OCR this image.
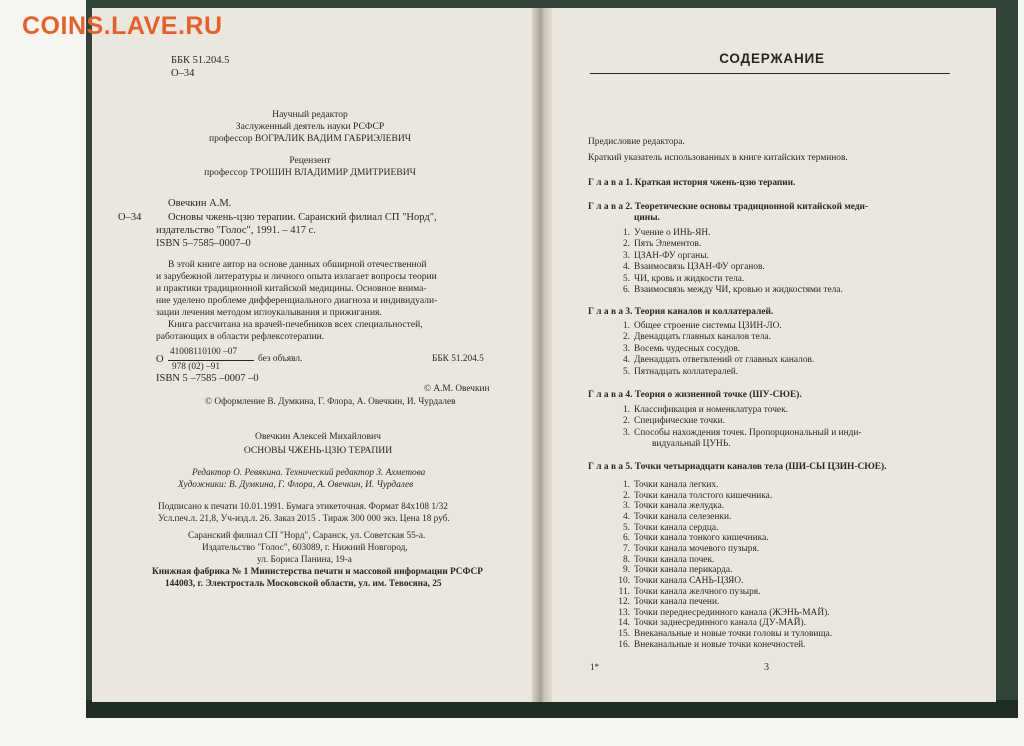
COINS.LAVE.RU

ББК 51.204.5
О–34
Научный редактор
Заслуженный деятель науки РСФСР
профессор ВОГРАЛИК ВАДИМ ГАБРИЭЛЕВИЧ
Рецензент
профессор ТРОШИН ВЛАДИМИР ДМИТРИЕВИЧ
Овечкин А.М.
О–34	Основы чжень-цзю терапии. Саранский филиал СП "Норд",
издательство "Голос", 1991. – 417 с.
ISBN 5–7585–0007–0
В этой книге автор на основе данных обширной отечественной
и зарубежной литературы и личного опыта излагает вопросы теории
и практики традиционной китайской медицины. Основное внима-
ние уделено проблеме дифференциального диагноза и индивидуали-
зации лечения методом иглоукалывания и прижигания.
Книга рассчитана на врачей-печебников всех специальностей,
работающих в области рефлексотерапии.
О
41008110100 –07
978 (02) –91
без объявл.	ББК 51.204.5
ISBN 5 –7585 –0007 –0
© А.М. Овечкин
© Оформление В. Думкина, Г. Флора, А. Овечкин, И. Чурдалев
Овечкин Алексей Михайлович
ОСНОВЫ ЧЖЕНЬ-ЦЗЮ ТЕРАПИИ
Редактор О. Ревякина. Технический редактор З. Ахметова
Художники: В. Думкина, Г. Флора, А. Овечкин, И. Чурдалев
Подписано к печати 10.01.1991. Бумага этикеточная. Формат 84х108 1/32
Усл.печ.л. 21,8, Уч-изд.л. 26. Заказ 2015 . Тираж 300 000 экз. Цена 18 руб.
Саранский филиал СП "Норд", Саранск, ул. Советская 55-а.
Издательство "Голос", 603089, г. Нижний Новгород,
ул. Бориса Панина, 19-а
Книжная фабрика № 1 Министерства печати и массовой информации РСФСР
144003, г. Электросталь Московской области, ул. им. Тевосяна, 25
СОДЕРЖАНИЕ
Предисловие редактора.
Краткий указатель использованных в книге китайских терминов.
Г л а в а 1. Краткая история чжень-цзю терапии.
Г л а в а 2. Теоретические основы традиционной китайской меди-
цины.
1. Учение о ИНЬ-ЯН.
2. Пять Элементов.
3. ЦЗАН-ФУ органы.
4. Взаимосвязь ЦЗАН-ФУ органов.
5. ЧИ, кровь и жидкости тела.
6. Взаимосвязь между ЧИ, кровью и жидкостями тела.
Г л а в а 3. Теория каналов и коллатералей.
1. Общее строение системы ЦЗИН-ЛО.
2. Двенадцать главных каналов тела.
3. Восемь чудесных сосудов.
4. Двенадцать ответвлений от главных каналов.
5. Пятнадцать коллатералей.
Г л а в а 4. Теория о жизненной точке (ШУ-СЮЕ).
1. Классификация и номенклатура точек.
2. Специфические точки.
3. Способы нахождения точек. Пропорциональный и инди-
видуальный ЦУНЬ.
Г л а в а 5. Точки четырнадцати каналов тела (ШИ-СЫ ЦЗИН-СЮЕ).
1. Точки канала легких.
2. Точки канала толстого кишечника.
3. Точки канала желудка.
4. Точки канала селезенки.
5. Точки канала сердца.
6. Точки канала тонкого кишечника.
7. Точки канала мочевого пузыря.
8. Точки канала почек.
9. Точки канала перикарда.
10. Точки канала САНЬ-ЦЗЯО.
11. Точки канала желчного пузыря.
12. Точки канала печени.
13. Точки переднесрединного канала (ЖЭНЬ-МАЙ).
14. Точки заднесрединного канала (ДУ-МАЙ).
15. Внеканальные и новые точки головы и туловища.
16. Внеканальные и новые точки конечностей.
1*	3
